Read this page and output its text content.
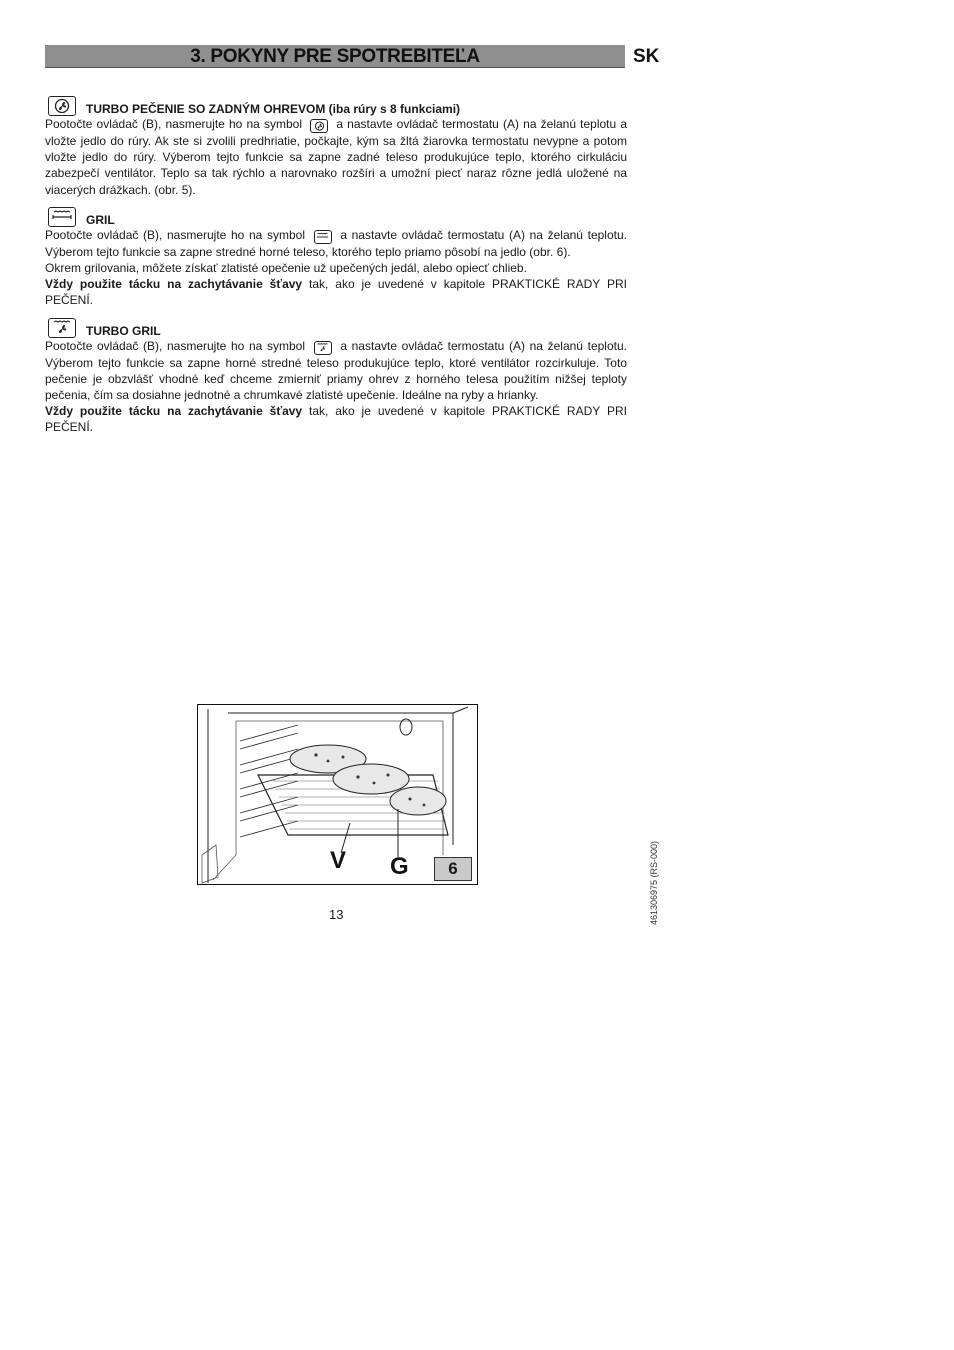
3. POKYNY PRE SPOTREBITEĽA	SK
TURBO PEČENIE SO ZADNÝM OHREVOM (iba rúry s 8 funkciami)

Pootočte ovládač (B), nasmerujte ho na symbol	a nastavte ovládač termostatu (A) na želanú teplotu a vložte jedlo do rúry. Ak ste si zvolili predhriatie, počkajte, kým sa žltá žiarovka termostatu nevypne a potom vložte jedlo do rúry. Výberom tejto funkcie sa zapne zadné teleso produkujúce teplo, ktorého cirkuláciu zabezpečí ventilátor. Teplo sa tak rýchlo a narovnako rozšíri a umožní piecť naraz rôzne jedlá uložené na viacerých drážkach. (obr. 5).

GRIL

Pootočte ovládač (B), nasmerujte ho na symbol	a nastavte ovládač termostatu (A) na želanú teplotu. Výberom tejto funkcie sa zapne stredné horné teleso, ktorého teplo priamo pôsobí na jedlo (obr. 6).

Okrem grilovania, môžete získať zlatisté opečenie už upečených jedál, alebo opiecť chlieb.

Vždy použite tácku na zachytávanie šťavy tak, ako je uvedené v kapitole PRAKTICKÉ RADY PRI PEČENÍ.

TURBO GRIL

Pootočte ovládač (B), nasmerujte ho na symbol	a nastavte ovládač termostatu (A) na želanú teplotu. Výberom tejto funkcie sa zapne horné stredné teleso produkujúce teplo, ktoré ventilátor rozcirkuluje. Toto pečenie je obzvlášť vhodné keď chceme zmierniť priamy ohrev z horného telesa použitím nižšej teploty pečenia, čím sa dosiahne jednotné a chrumkavé zlatisté upečenie. Ideálne na ryby a hrianky.

Vždy použite tácku na zachytávanie šťavy tak, ako je uvedené v kapitole PRAKTICKÉ RADY PRI PEČENÍ.

V G	6
13	461306975 (RS-000)
